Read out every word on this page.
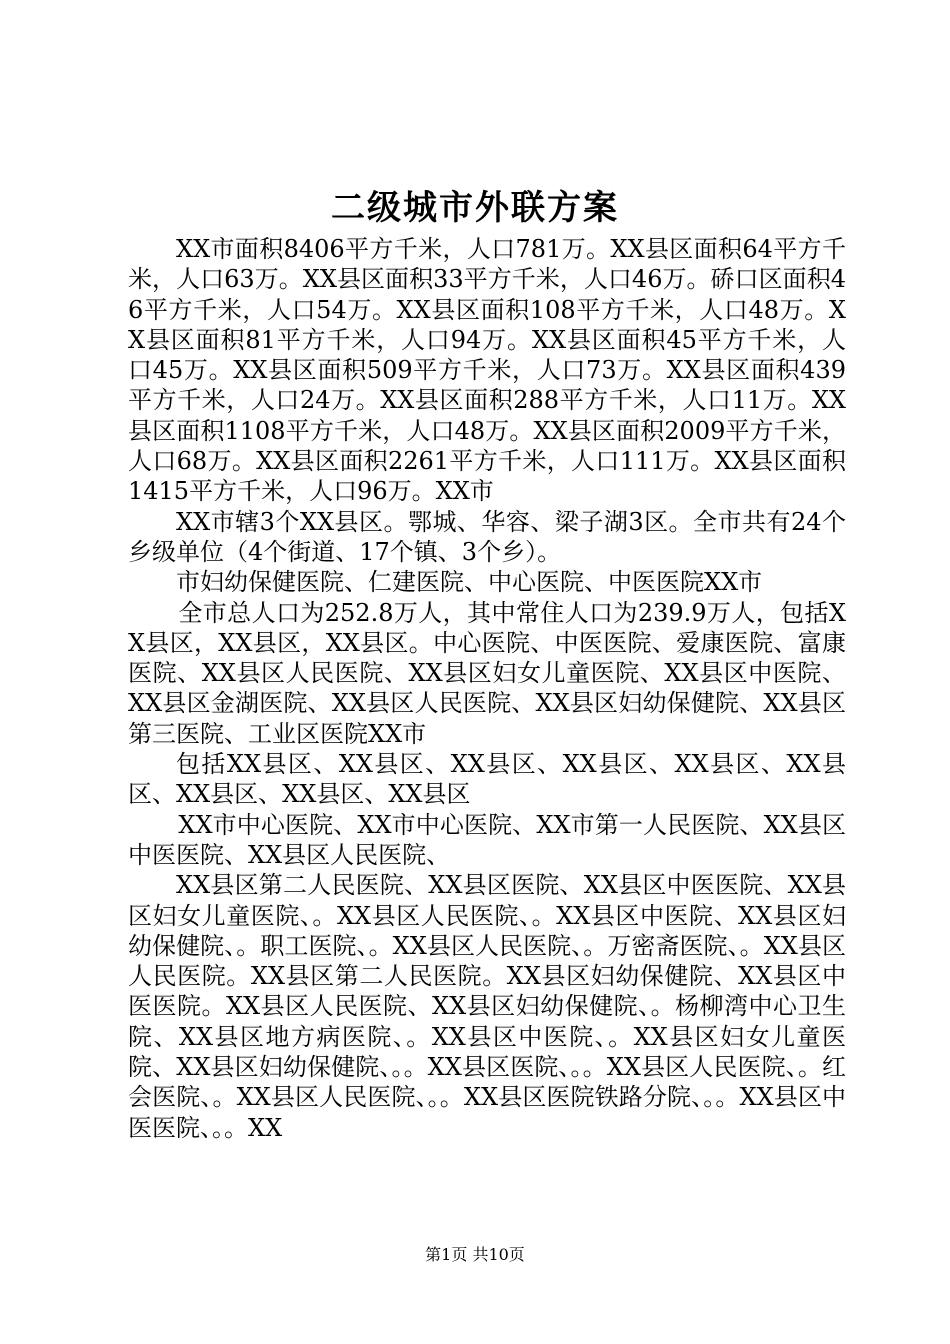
二级城市外联方案

XX市面积8406平方千米，人口781万。XX县区面积64平方千米，人口63万。XX县区面积33平方千米，人口46万。硚口区面积46平方千米，人口54万。XX县区面积108平方千米，人口48万。XX县区面积81平方千米，人口94万。XX县区面积45平方千米，人口45万。XX县区面积509平方千米，人口73万。XX县区面积439平方千米，人口24万。XX县区面积288平方千米，人口11万。XX县区面积1108平方千米，人口48万。XX县区面积2009平方千米，人口68万。XX县区面积2261平方千米，人口111万。XX县区面积1415平方千米，人口96万。XX市

XX市辖3个XX县区。鄂城、华容、梁子湖3区。全市共有24个乡级单位（4个街道、17个镇、3个乡）。

市妇幼保健医院、仁建医院、中心医院、中医医院XX市

全市总人口为252.8万人，其中常住人口为239.9万人，包括XX县区，XX县区，XX县区。中心医院、中医医院、爱康医院、富康医院、XX县区人民医院、XX县区妇女儿童医院、XX县区中医院、XX县区金湖医院、XX县区人民医院、XX县区妇幼保健院、XX县区第三医院、工业区医院XX市

包括XX县区、XX县区、XX县区、XX县区、XX县区、XX县区、XX县区、XX县区、XX县区

XX市中心医院、XX市中心医院、XX市第一人民医院、XX县区中医医院、XX县区人民医院、

XX县区第二人民医院、XX县区医院、XX县区中医医院、XX县区妇女儿童医院、。XX县区人民医院、。XX县区中医院、XX县区妇幼保健院、。职工医院、。XX县区人民医院、。万密斋医院、。XX县区人民医院。XX县区第二人民医院。XX县区妇幼保健院、XX县区中医医院。XX县区人民医院、XX县区妇幼保健院、。杨柳湾中心卫生院、XX县区地方病医院、。XX县区中医院、。XX县区妇女儿童医院、XX县区妇幼保健院、。。XX县区医院、。。XX县区人民医院、。红会医院、。XX县区人民医院、。。XX县区医院铁路分院、。。XX县区中医医院、。。XX

第1页 共10页
